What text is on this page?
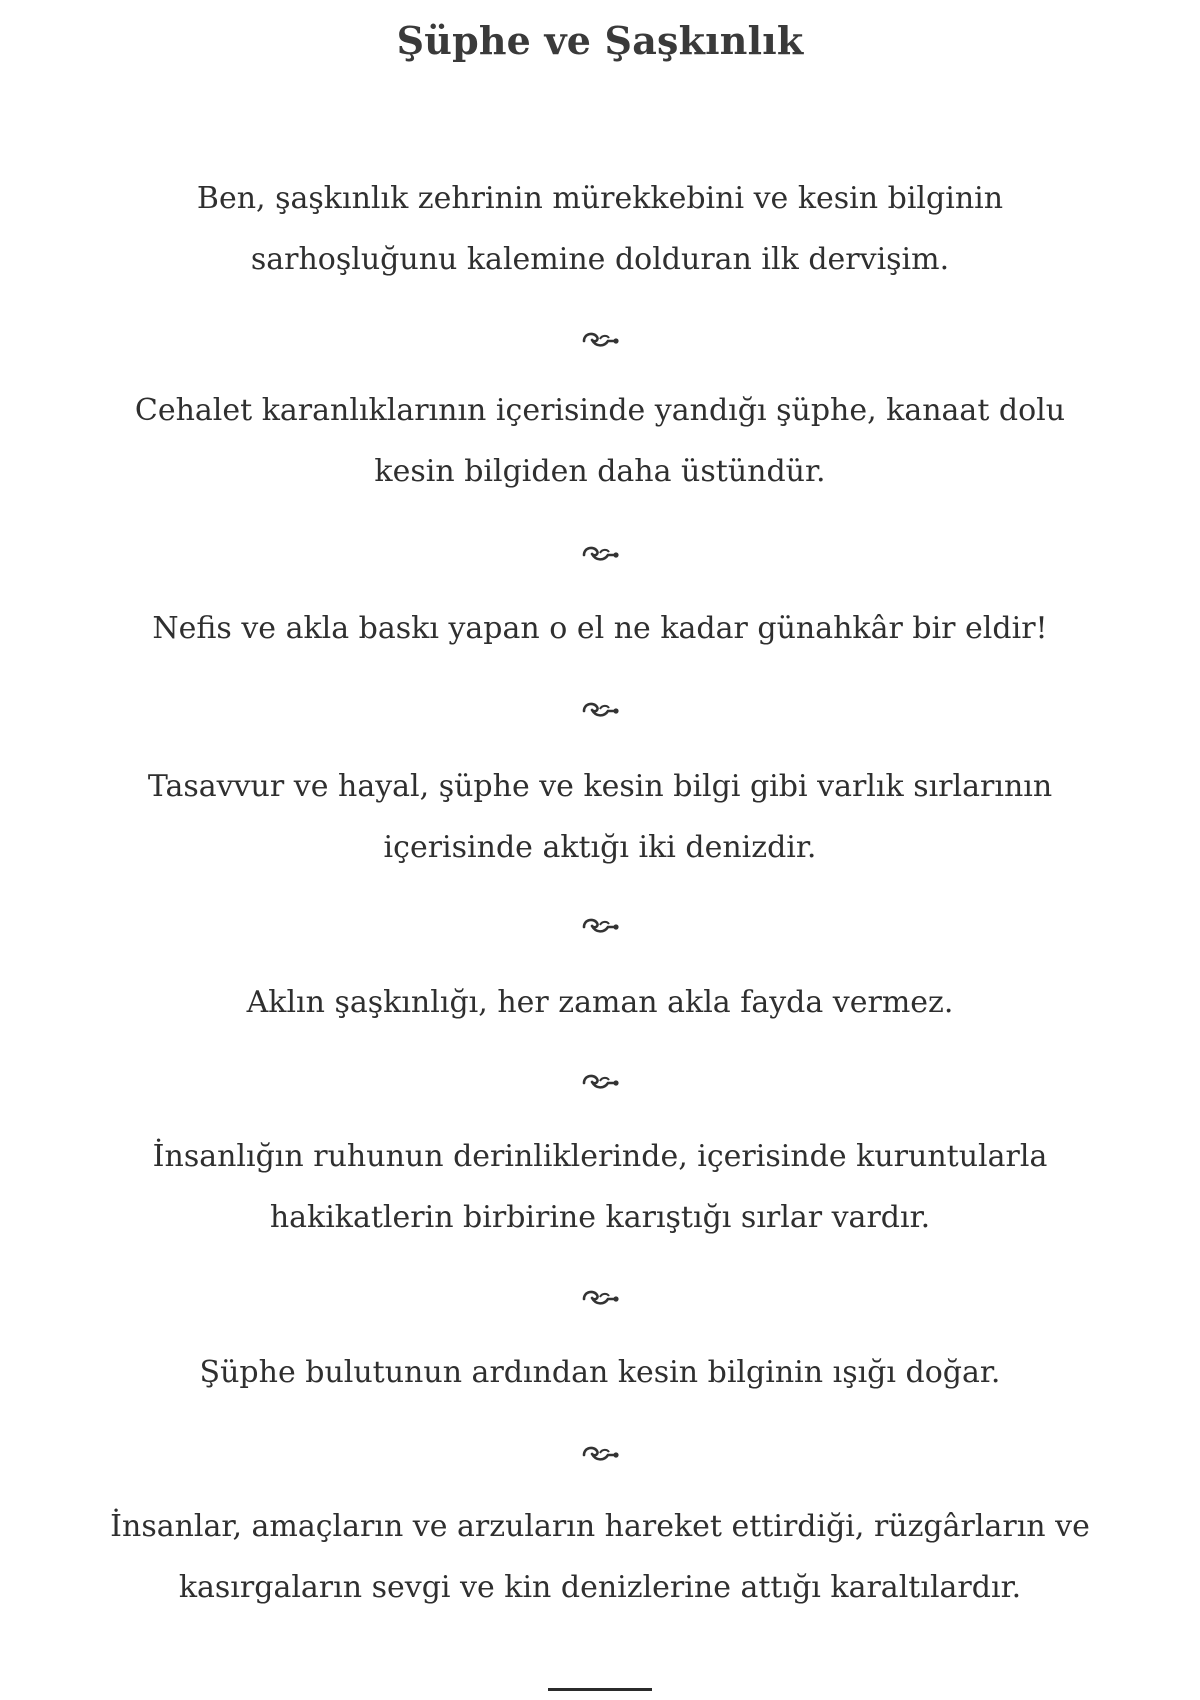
Şüphe ve Şaşkınlık
Ben, şaşkınlık zehrinin mürekkebini ve kesin bilginin sarhoşluğunu kalemine dolduran ilk dervişim.
Cehalet karanlıklarının içerisinde yandığı şüphe, kanaat dolu kesin bilgiden daha üstündür.
Nefis ve akla baskı yapan o el ne kadar günahkâr bir eldir!
Tasavvur ve hayal, şüphe ve kesin bilgi gibi varlık sırlarının içerisinde aktığı iki denizdir.
Aklın şaşkınlığı, her zaman akla fayda vermez.
İnsanlığın ruhunun derinliklerinde, içerisinde kuruntularla hakikatlerin birbirine karıştığı sırlar vardır.
Şüphe bulutunun ardından kesin bilginin ışığı doğar.
İnsanlar, amaçların ve arzuların hareket ettirdiği, rüzgârların ve kasırgaların sevgi ve kin denizlerine attığı karaltılardır.
